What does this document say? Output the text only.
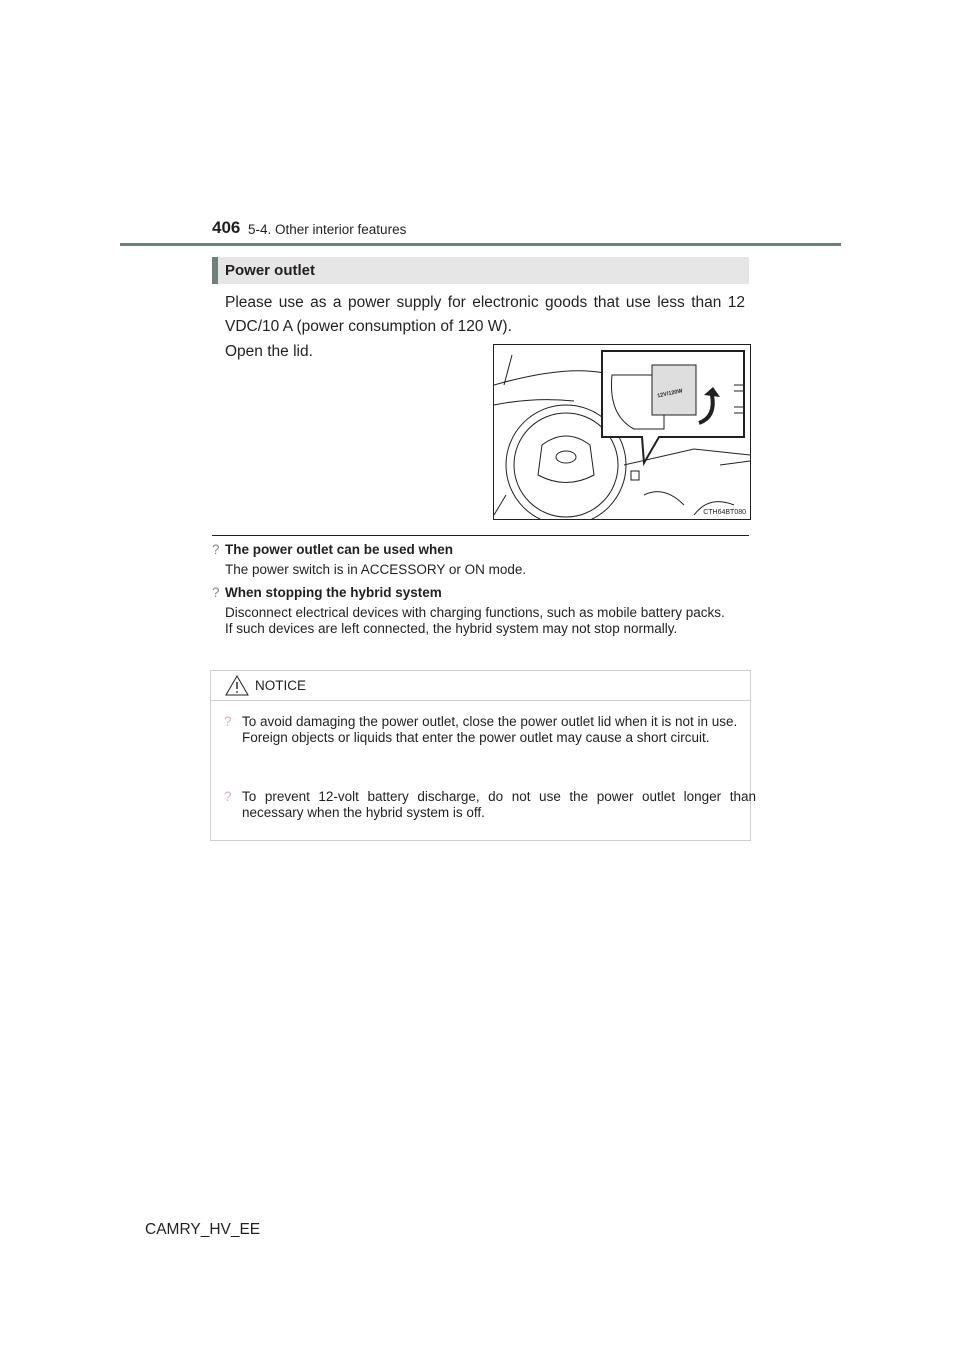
406 5-4. Other interior features
Power outlet
Please use as a power supply for electronic goods that use less than 12 VDC/10 A (power consumption of 120 W).
Open the lid.
12V/120W
CTH64BT080
? The power outlet can be used when
The power switch is in ACCESSORY or ON mode.
? When stopping the hybrid system
Disconnect electrical devices with charging functions, such as mobile battery packs.
If such devices are left connected, the hybrid system may not stop normally.
NOTICE
? To avoid damaging the power outlet, close the power outlet lid when it is not in use.
Foreign objects or liquids that enter the power outlet may cause a short circuit.
? To prevent 12-volt battery discharge, do not use the power outlet longer than necessary when the hybrid system is off.
CAMRY_HV_EE
